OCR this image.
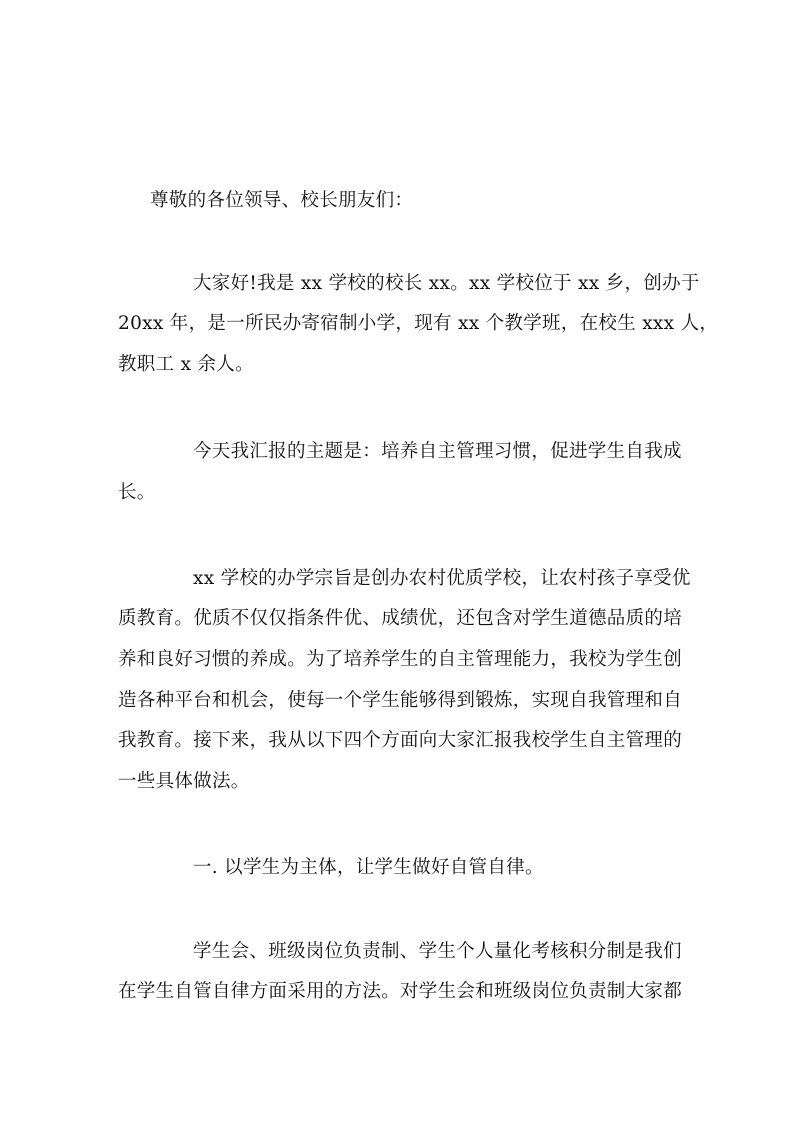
尊敬的各位领导、校长朋友们：
大家好!我是 xx 学校的校长 xx。xx 学校位于 xx 乡，创办于
20xx 年，是一所民办寄宿制小学，现有 xx 个教学班，在校生 xxx 人，
教职工 x 余人。
今天我汇报的主题是：培养自主管理习惯，促进学生自我成
长。
xx 学校的办学宗旨是创办农村优质学校，让农村孩子享受优
质教育。优质不仅仅指条件优、成绩优，还包含对学生道德品质的培
养和良好习惯的养成。为了培养学生的自主管理能力，我校为学生创
造各种平台和机会，使每一个学生能够得到锻炼，实现自我管理和自
我教育。接下来，我从以下四个方面向大家汇报我校学生自主管理的
一些具体做法。
一. 以学生为主体，让学生做好自管自律。
学生会、班级岗位负责制、学生个人量化考核积分制是我们
在学生自管自律方面采用的方法。对学生会和班级岗位负责制大家都
